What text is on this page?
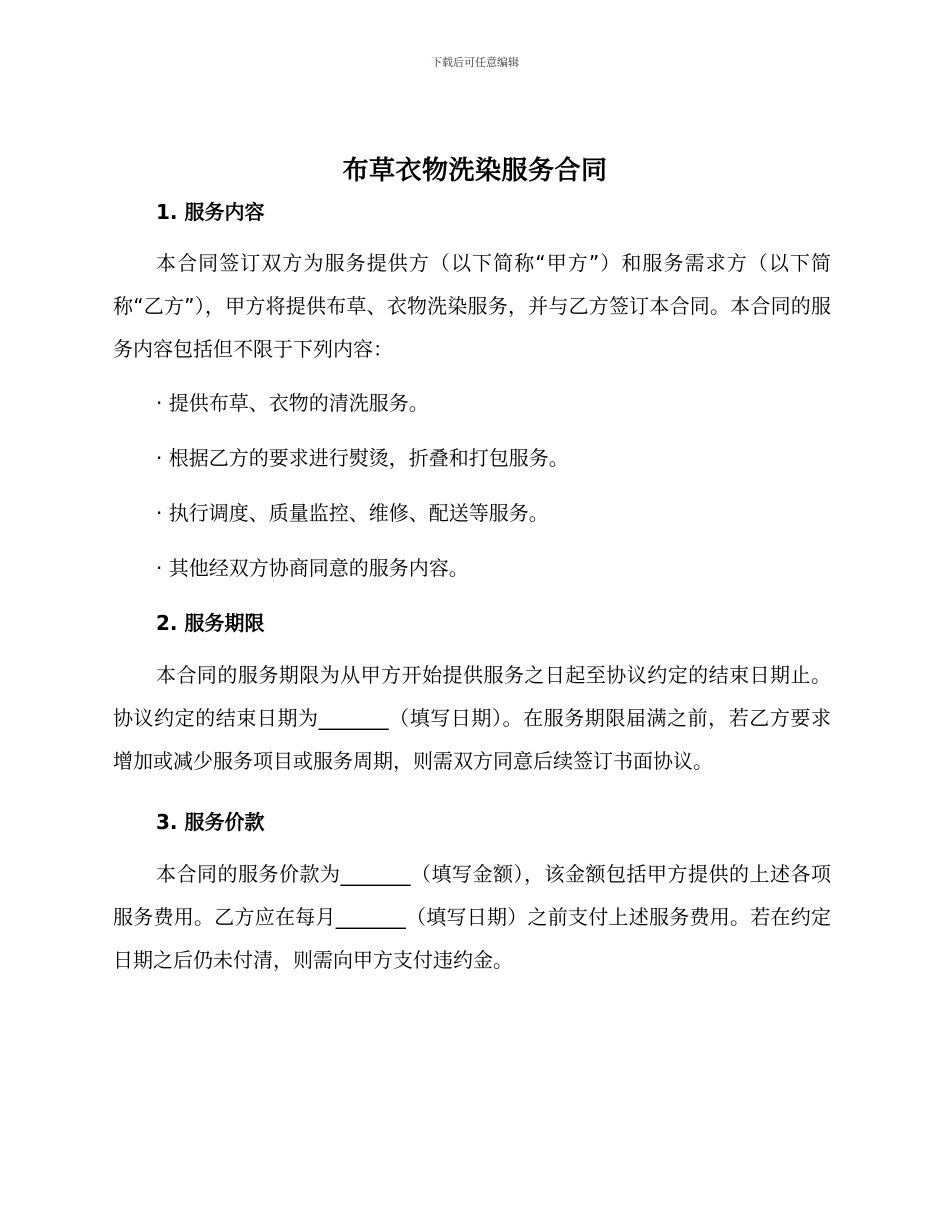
下载后可任意编辑
布草衣物洗染服务合同
1. 服务内容

本合同签订双方为服务提供方（以下简称“甲方”）和服务需求方（以下简称“乙方”），甲方将提供布草、衣物洗染服务，并与乙方签订本合同。本合同的服务内容包括但不限于下列内容：

· 提供布草、衣物的清洗服务。
· 根据乙方的要求进行熨烫，折叠和打包服务。
· 执行调度、质量监控、维修、配送等服务。
· 其他经双方协商同意的服务内容。
2. 服务期限

本合同的服务期限为从甲方开始提供服务之日起至协议约定的结束日期止。协议约定的结束日期为_______（填写日期）。在服务期限届满之前，若乙方要求增加或减少服务项目或服务周期，则需双方同意后续签订书面协议。

3. 服务价款

本合同的服务价款为_______（填写金额），该金额包括甲方提供的上述各项服务费用。乙方应在每月_______（填写日期）之前支付上述服务费用。若在约定日期之后仍未付清，则需向甲方支付违约金。
